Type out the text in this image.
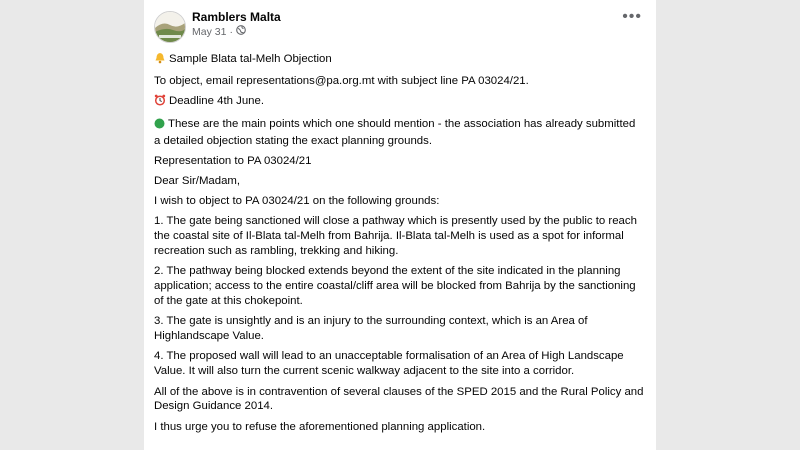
Ramblers Malta
May 31 ·
•••

Sample Blata tal-Melh Objection

To object, email representations@pa.org.mt with subject line PA 03024/21.

Deadline 4th June.

These are the main points which one should mention - the association has already submitted a detailed objection stating the exact planning grounds.

Representation to PA 03024/21

Dear Sir/Madam,

I wish to object to PA 03024/21 on the following grounds:

1. The gate being sanctioned will close a pathway which is presently used by the public to reach the coastal site of Il-Blata tal-Melh from Bahrija. Il-Blata tal-Melh is used as a spot for informal recreation such as rambling, trekking and hiking.

2. The pathway being blocked extends beyond the extent of the site indicated in the planning application; access to the entire coastal/cliff area will be blocked from Bahrija by the sanctioning of the gate at this chokepoint.

3. The gate is unsightly and is an injury to the surrounding context, which is an Area of Highlandscape Value.

4. The proposed wall will lead to an unacceptable formalisation of an Area of High Landscape Value. It will also turn the current scenic walkway adjacent to the site into a corridor.

All of the above is in contravention of several clauses of the SPED 2015 and the Rural Policy and Design Guidance 2014.

I thus urge you to refuse the aforementioned planning application.
